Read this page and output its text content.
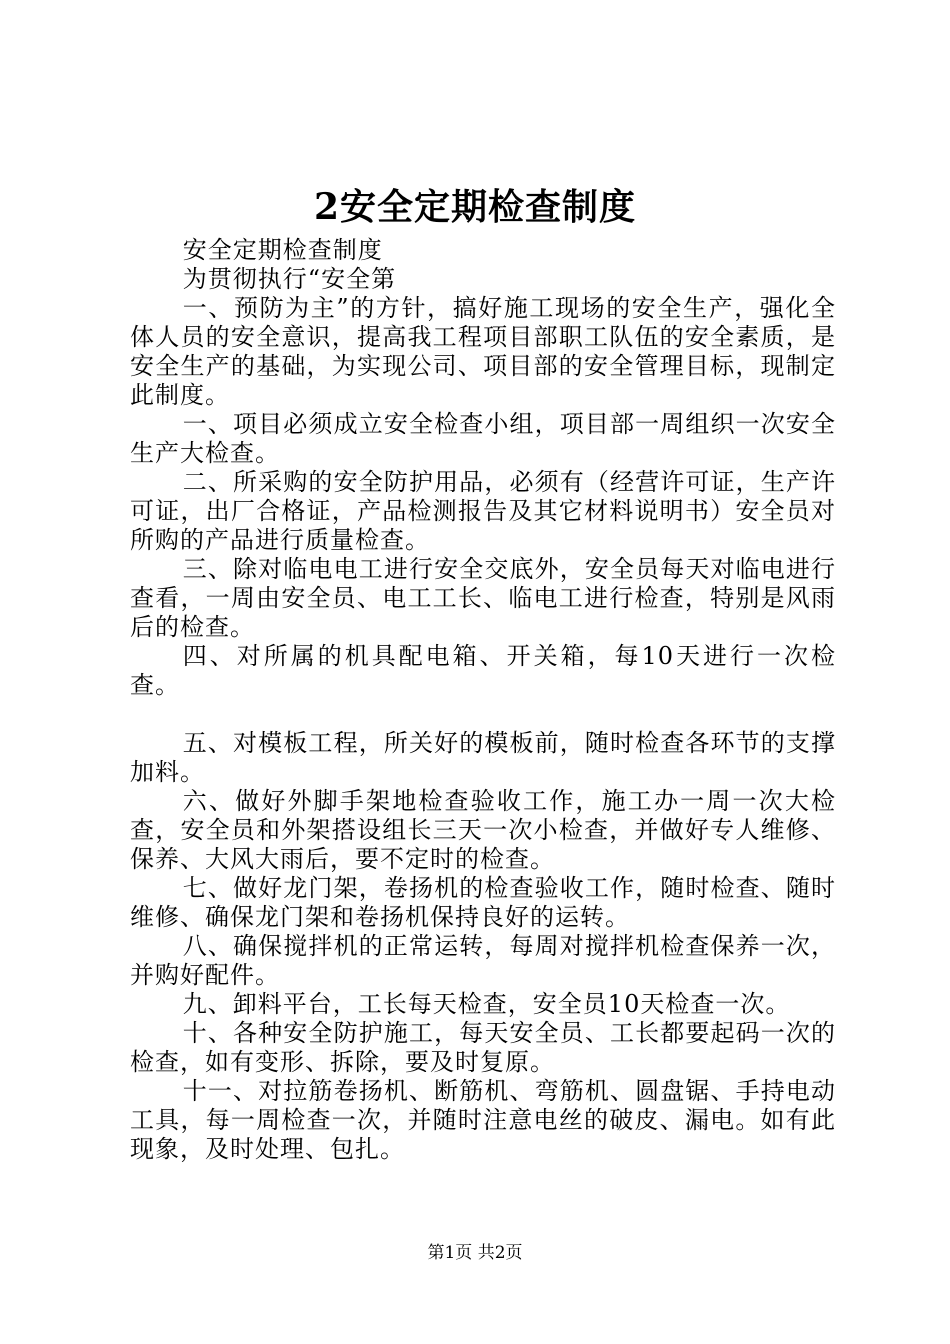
2安全定期检查制度

安全定期检查制度

为贯彻执行“安全第

一、预防为主”的方针，搞好施工现场的安全生产，强化全体人员的安全意识，提高我工程项目部职工队伍的安全素质，是安全生产的基础，为实现公司、项目部的安全管理目标，现制定此制度。

一、项目必须成立安全检查小组，项目部一周组织一次安全生产大检查。

二、所采购的安全防护用品，必须有（经营许可证，生产许可证，出厂合格证，产品检测报告及其它材料说明书）安全员对所购的产品进行质量检查。

三、除对临电电工进行安全交底外，安全员每天对临电进行查看，一周由安全员、电工工长、临电工进行检查，特别是风雨后的检查。

四、对所属的机具配电箱、开关箱，每10天进行一次检查。

五、对模板工程，所关好的模板前，随时检查各环节的支撑加料。

六、做好外脚手架地检查验收工作，施工办一周一次大检查，安全员和外架搭设组长三天一次小检查，并做好专人维修、保养、大风大雨后，要不定时的检查。

七、做好龙门架，卷扬机的检查验收工作，随时检查、随时维修、确保龙门架和卷扬机保持良好的运转。

八、确保搅拌机的正常运转，每周对搅拌机检查保养一次，并购好配件。

九、卸料平台，工长每天检查，安全员10天检查一次。

十、各种安全防护施工，每天安全员、工长都要起码一次的检查，如有变形、拆除，要及时复原。

十一、对拉筋卷扬机、断筋机、弯筋机、圆盘锯、手持电动工具，每一周检查一次，并随时注意电丝的破皮、漏电。如有此现象，及时处理、包扎。

第1页 共2页
